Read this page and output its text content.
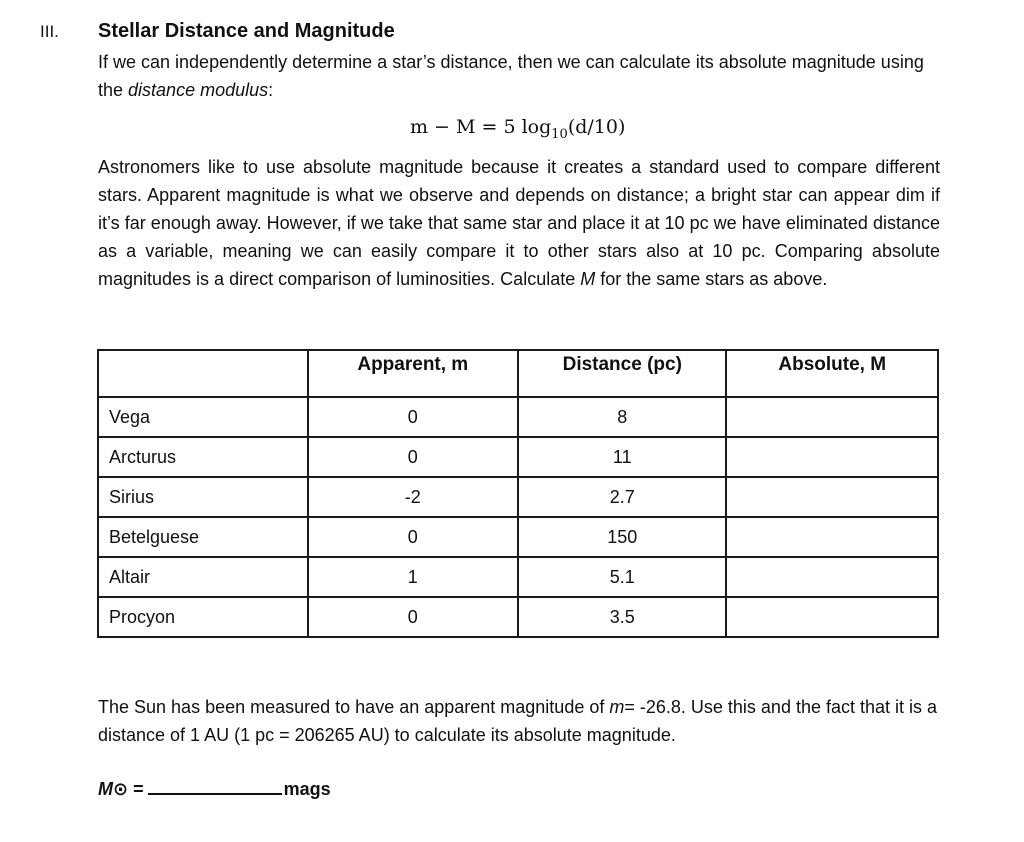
III. Stellar Distance and Magnitude
If we can independently determine a star’s distance, then we can calculate its absolute magnitude using the distance modulus:
m − M = 5 $\log_{10}(d/10)$
Astronomers like to use absolute magnitude because it creates a standard used to compare different stars. Apparent magnitude is what we observe and depends on distance; a bright star can appear dim if it’s far enough away. However, if we take that same star and place it at 10 pc we have eliminated distance as a variable, meaning we can easily compare it to other stars also at 10 pc. Comparing absolute magnitudes is a direct comparison of luminosities. Calculate M for the same stars as above.
	Apparent, m	Distance (pc)	Absolute, M
Vega	0	8	
Arcturus	0	11	
Sirius	-2	2.7	
Betelguese	0	150	
Altair	1	5.1	
Procyon	0	3.5	
The Sun has been measured to have an apparent magnitude of m= -26.8. Use this and the fact that it is a distance of 1 AU (1 pc = 206265 AU) to calculate its absolute magnitude.
M⊙ =	mags
